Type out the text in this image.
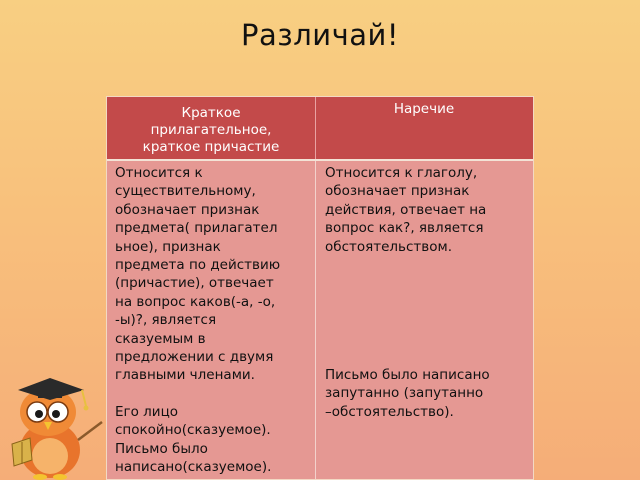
Различай!
Краткое
прилагательное,
краткое причастие
Наречие

Относится к
существительному,
обозначает признак
предмета( прилагател
ьное), признак
предмета по действию
(причастие), отвечает
на вопрос каков(-а, -о,
-ы)?, является
сказуемым в
предложении с двумя
главными членами.

Его лицо
спокойно(сказуемое).

Письмо было
написано(сказуемое).

Относится к глаголу,
обозначает признак
действия, отвечает на
вопрос как?, является
обстоятельством.

Письмо было написано
запутанно (запутанно
–обстоятельство).
